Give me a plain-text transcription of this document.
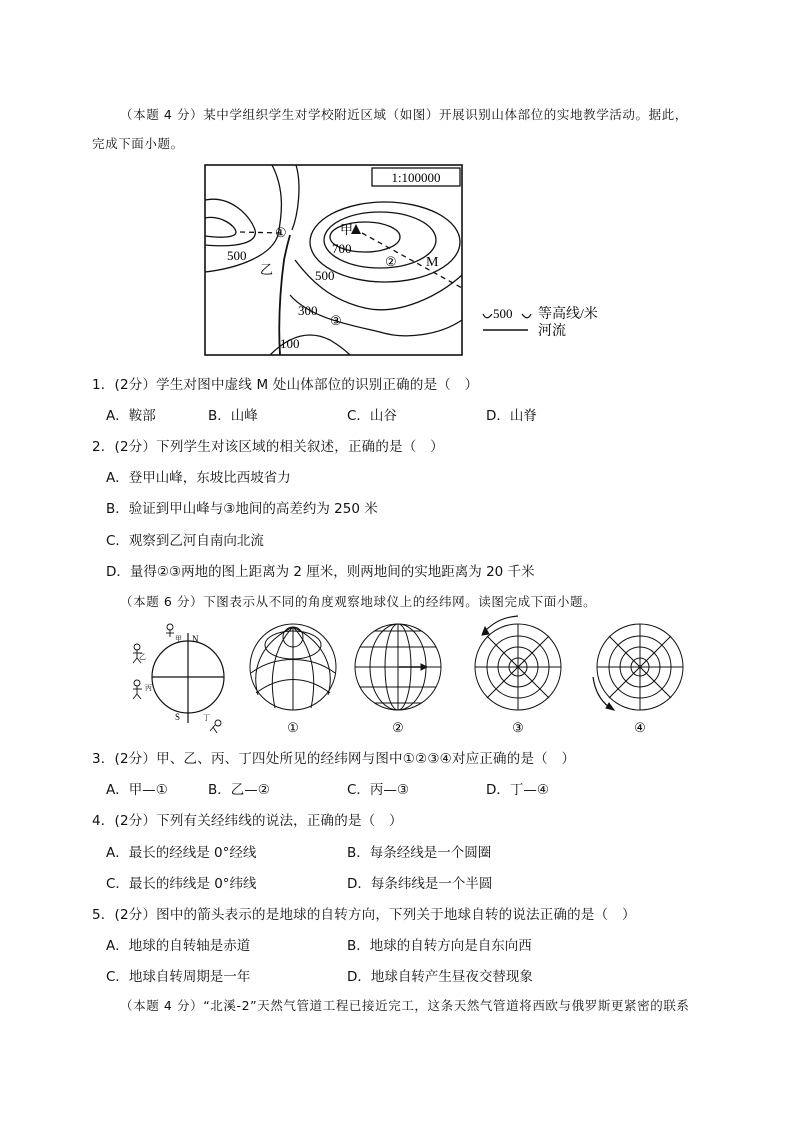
（本题 4 分）某中学组织学生对学校附近区域（如图）开展识别山体部位的实地教学活动。据此，
完成下面小题。
1:100000
甲
700
② M
①
乙
500
500
300
③
100
500 等高线/米
河流
1．(2分）学生对图中虚线 M 处山体部位的识别正确的是（　）
A．鞍部	B．山峰	C．山谷	D．山脊
2．(2分）下列学生对该区域的相关叙述，正确的是（　）
A．登甲山峰，东坡比西坡省力
B．验证到甲山峰与③地间的高差约为 250 米
C．观察到乙河自南向北流
D．量得②③两地的图上距离为 2 厘米，则两地间的实地距离为 20 千米
（本题 6 分）下图表示从不同的角度观察地球仪上的经纬网。读图完成下面小题。
N
S
甲
乙
丙
丁
①	②	③	④
3．(2分）甲、乙、丙、丁四处所见的经纬网与图中①②③④对应正确的是（　）
A．甲—①	B．乙—②	C．丙—③	D．丁—④
4．(2分）下列有关经纬线的说法，正确的是（　）
A．最长的经线是 0°经线	B．每条经线是一个圆圈
C．最长的纬线是 0°纬线	D．每条纬线是一个半圆
5．(2分）图中的箭头表示的是地球的自转方向，下列关于地球自转的说法正确的是（　）
A．地球的自转轴是赤道	B．地球的自转方向是自东向西
C．地球自转周期是一年	D．地球自转产生昼夜交替现象
（本题 4 分）“北溪-2”天然气管道工程已接近完工，这条天然气管道将西欧与俄罗斯更紧密的联系
